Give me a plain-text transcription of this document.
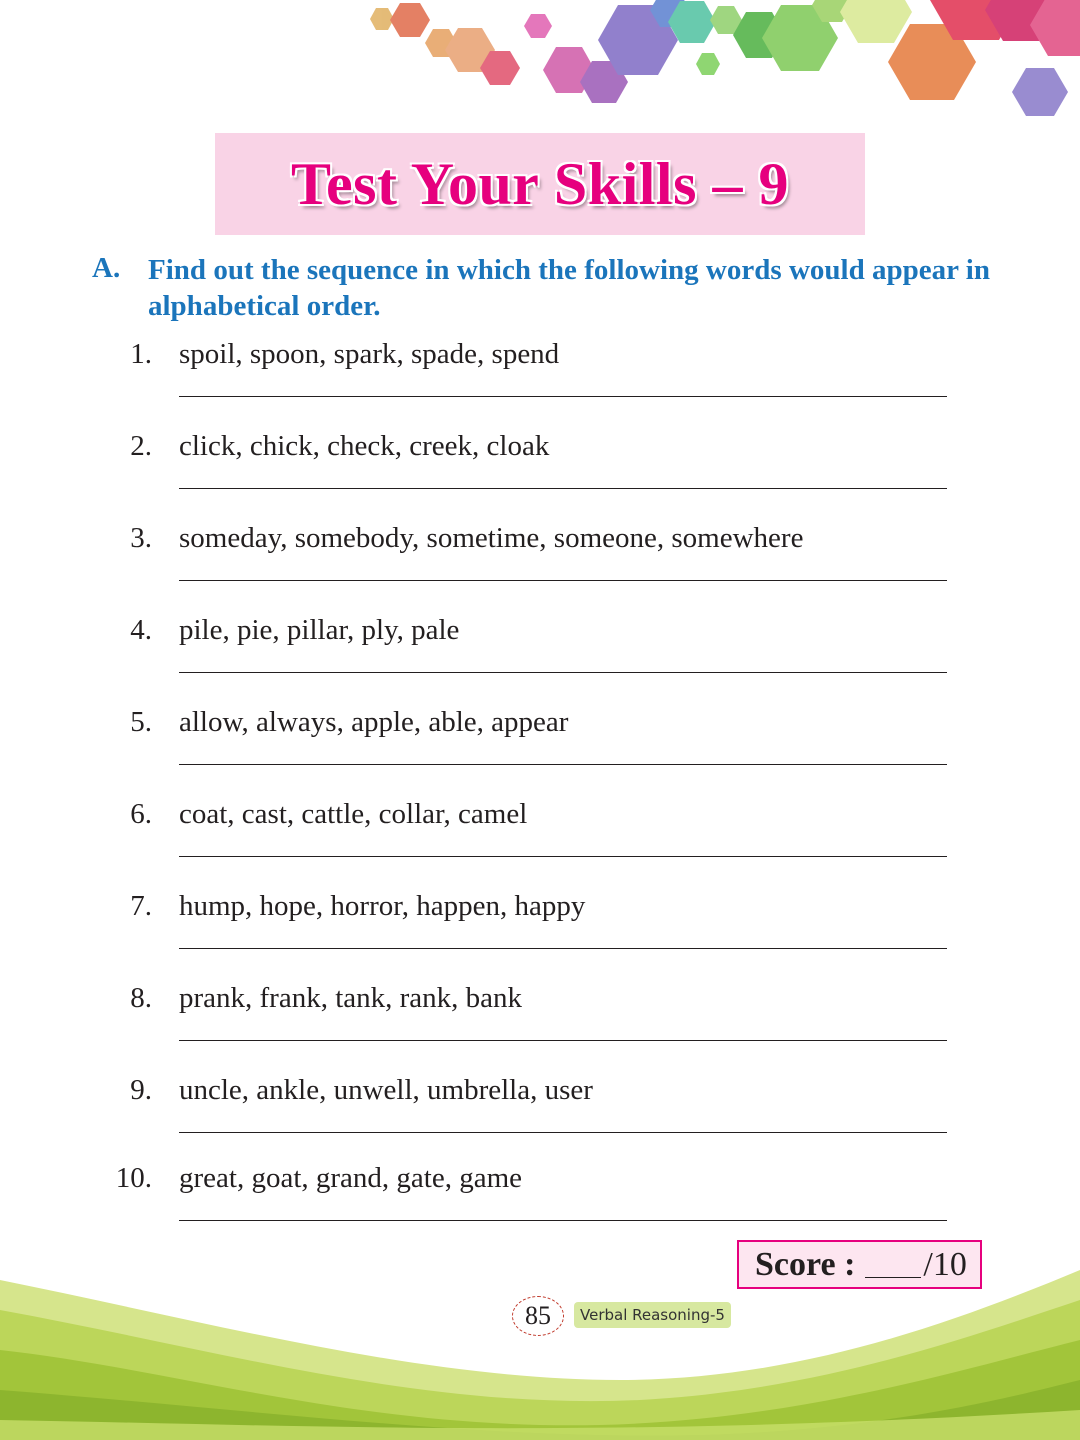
Test Your Skills – 9
A. Find out the sequence in which the following words would appear in alphabetical order.
1. spoil, spoon, spark, spade, spend
2. click, chick, check, creek, cloak
3. someday, somebody, sometime, someone, somewhere
4. pile, pie, pillar, ply, pale
5. allow, always, apple, able, appear
6. coat, cast, cattle, collar, camel
7. hump, hope, horror, happen, happy
8. prank, frank, tank, rank, bank
9. uncle, ankle, unwell, umbrella, user
10. great, goat, grand, gate, game
Score : /10
85	Verbal Reasoning-5
